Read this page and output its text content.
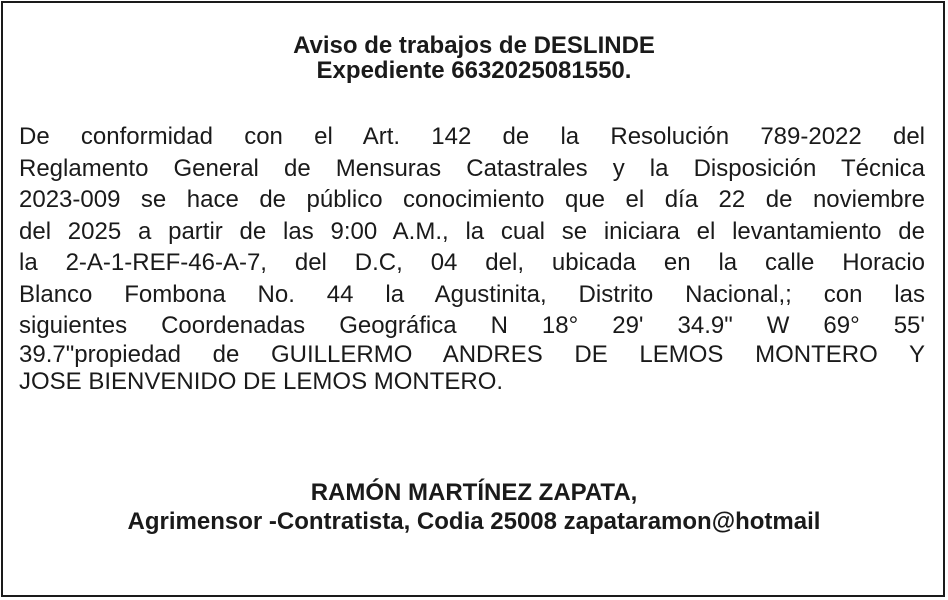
Aviso de trabajos de DESLINDE
Expediente 6632025081550.
De conformidad con el Art. 142 de la Resolución 789-2022 del
Reglamento General de Mensuras Catastrales y la Disposición Técnica
2023-009 se hace de público conocimiento que el día 22 de noviembre
del 2025 a partir de las 9:00 A.M., la cual se iniciara el levantamiento de
la 2-A-1-REF-46-A-7, del D.C, 04 del, ubicada en la calle Horacio
Blanco Fombona No. 44 la Agustinita, Distrito Nacional,; con las
siguientes Coordenadas Geográfica N 18° 29' 34.9" W 69° 55'
39.7"propiedad de GUILLERMO ANDRES DE LEMOS MONTERO Y
JOSE BIENVENIDO DE LEMOS MONTERO.
RAMÓN MARTÍNEZ ZAPATA,
Agrimensor -Contratista, Codia 25008 zapataramon@hotmail
